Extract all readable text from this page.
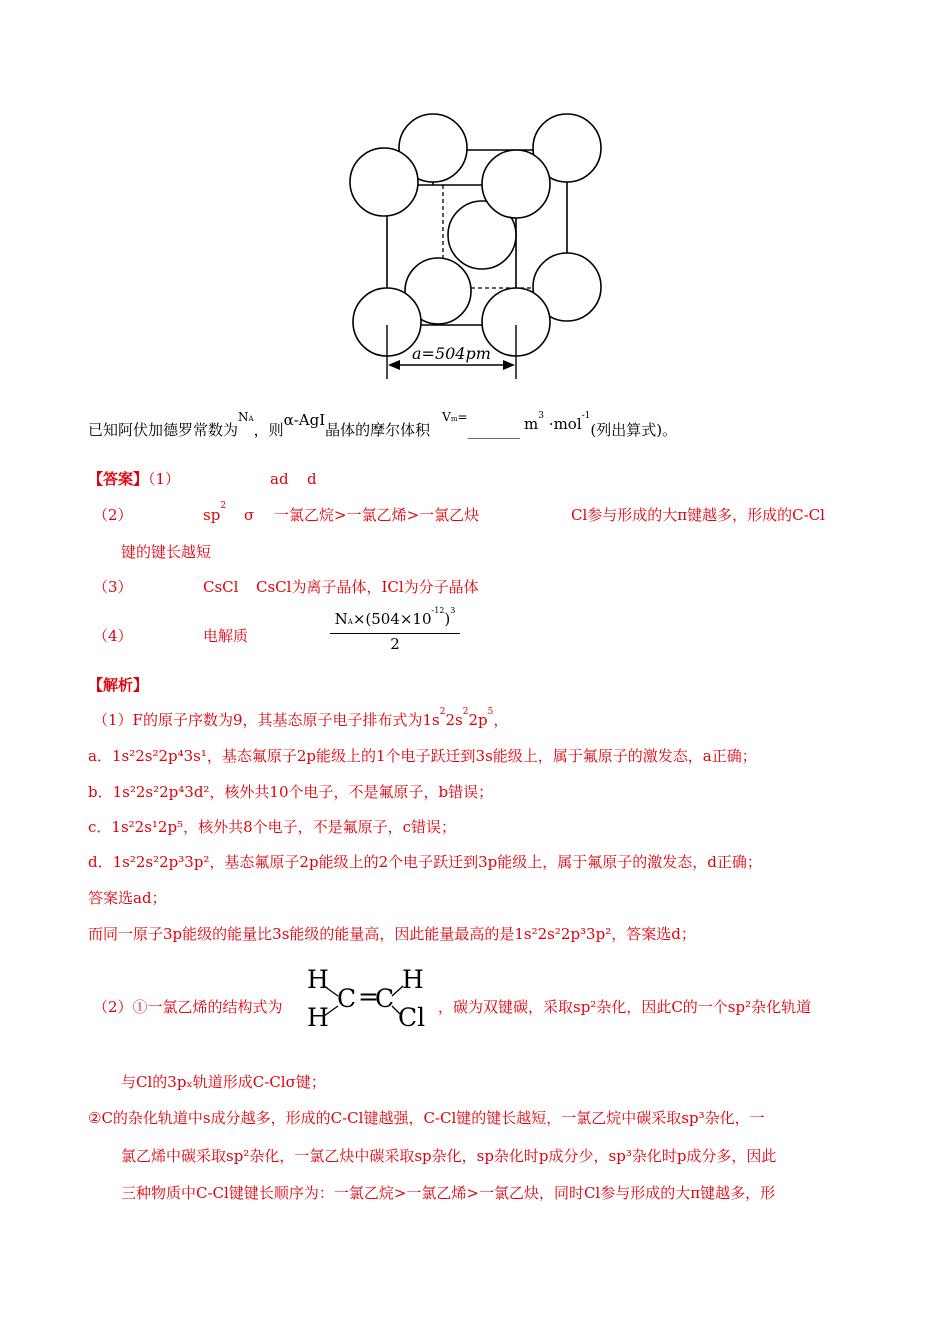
a=504pm
已知阿伏加德罗常数为$^{NA}$，则α-AgI晶体的摩尔体积$^{Vm=}$_______ $m^3 \cdot mol^{-1}$(列出算式)。
【答案】（1）	ad d
（2）	$sp^2$ σ 一氯乙烷>一氯乙烯>一氯乙炔	Cl参与形成的大π键越多，形成的C-Cl
键的键长越短
（3）	CsCl CsCl为离子晶体，ICl为分子晶体
（4）	电解质	$\frac{NA\times(504\times 10^{-12})^3}{2}$
【解析】
（1）F的原子序数为9，其基态原子电子排布式为$1s^22s^22p^5$，
a．1s²2s²2p⁴3s¹，基态氟原子2p能级上的1个电子跃迁到3s能级上，属于氟原子的激发态，a正确；
b．1s²2s²2p⁴3d²，核外共10个电子，不是氟原子，b错误；
c．1s²2s¹2p⁵，核外共8个电子，不是氟原子，c错误；
d．1s²2s²2p³3p²，基态氟原子2p能级上的2个电子跃迁到3p能级上，属于氟原子的激发态，d正确；
答案选ad；
而同一原子3p能级的能量比3s能级的能量高，因此能量最高的是1s²2s²2p³3p²，答案选d；
（2）①一氯乙烯的结构式为
H
H
C =
C
H
Cl ，碳为双键碳，采取sp²杂化，因此C的一个sp²杂化轨道
与Cl的3pₓ轨道形成C-Clσ键；
②C的杂化轨道中s成分越多，形成的C-Cl键越强，C-Cl键的键长越短，一氯乙烷中碳采取sp³杂化，一
氯乙烯中碳采取sp²杂化，一氯乙炔中碳采取sp杂化，sp杂化时p成分少，sp³杂化时p成分多，因此
三种物质中C-Cl键键长顺序为：一氯乙烷>一氯乙烯>一氯乙炔，同时Cl参与形成的大π键越多，形
